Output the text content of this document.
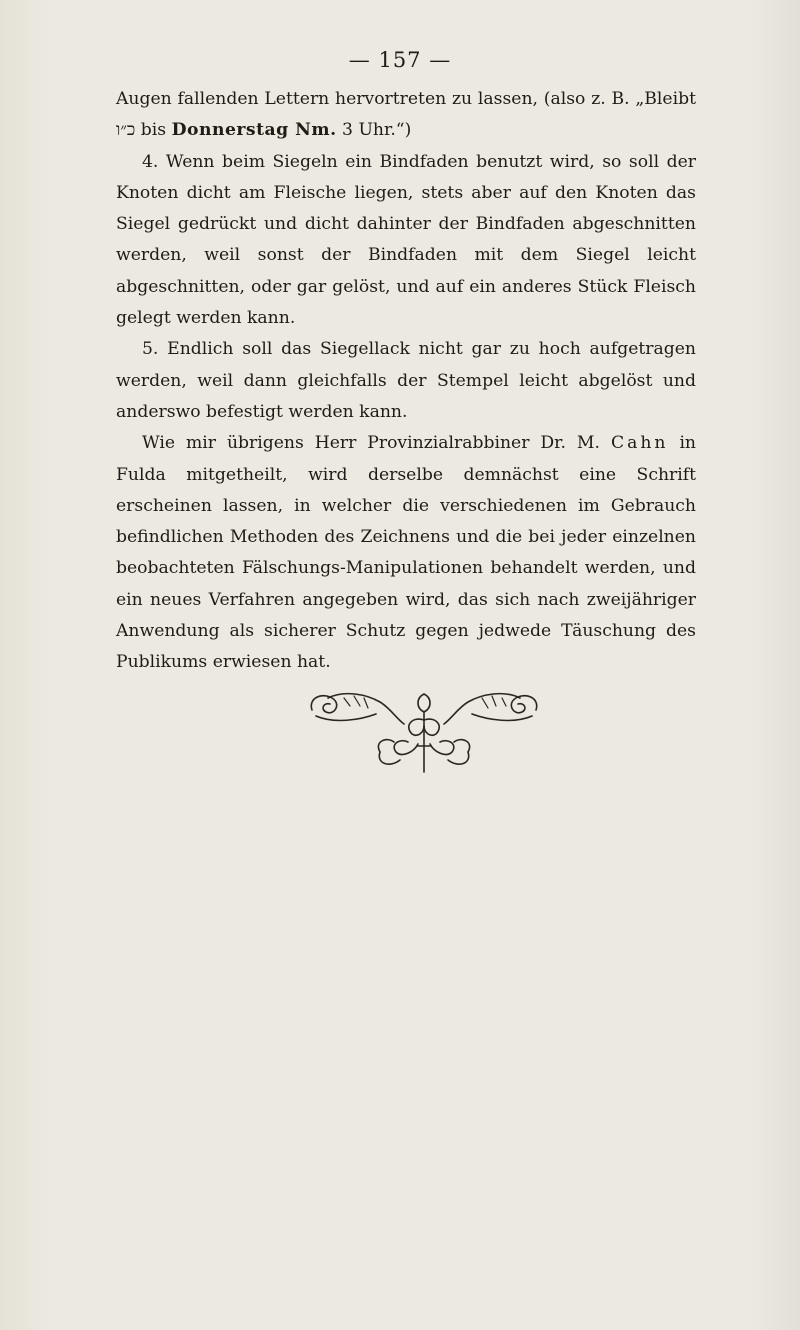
— 157 —

Augen fallenden Lettern hervortreten zu lassen, (also z. B. „Bleibt כ״ו bis Donnerstag Nm. 3 Uhr.“)

4. Wenn beim Siegeln ein Bindfaden benutzt wird, so soll der Knoten dicht am Fleische liegen, stets aber auf den Knoten das Siegel gedrückt und dicht dahinter der Bindfaden abgeschnitten werden, weil sonst der Bindfaden mit dem Siegel leicht abgeschnitten, oder gar gelöst, und auf ein anderes Stück Fleisch gelegt werden kann.

5. Endlich soll das Siegellack nicht gar zu hoch aufgetragen werden, weil dann gleichfalls der Stempel leicht abgelöst und anderswo befestigt werden kann.

Wie mir übrigens Herr Provinzialrabbiner Dr. M. Cahn in Fulda mitgetheilt, wird derselbe demnächst eine Schrift erscheinen lassen, in welcher die verschiedenen im Gebrauch befindlichen Methoden des Zeichnens und die bei jeder einzelnen beobachteten Fälschungs-Manipulationen behandelt werden, und ein neues Verfahren angegeben wird, das sich nach zweijähriger Anwendung als sicherer Schutz gegen jedwede Täuschung des Publikums erwiesen hat.
